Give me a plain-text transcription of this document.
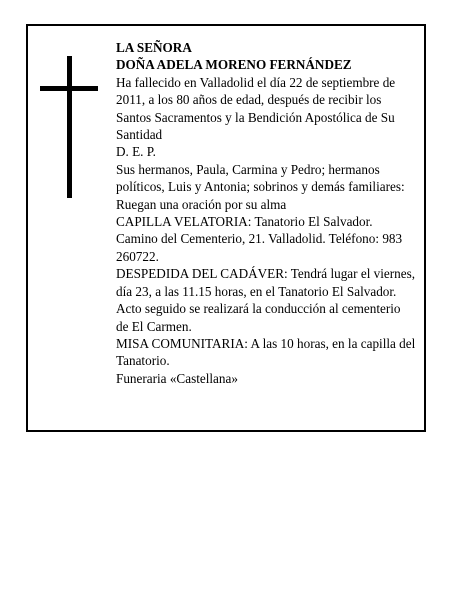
LA SEÑORA

DOÑA ADELA MORENO FERNÁNDEZ

Ha fallecido en Valladolid el día 22 de septiembre de 2011, a los 80 años de edad, después de recibir los Santos Sacramentos y la Bendición Apostólica de Su Santidad

D. E. P.

Sus hermanos, Paula, Carmina y Pedro; hermanos políticos, Luis y Antonia; sobrinos y demás familiares:

Ruegan una oración por su alma

CAPILLA VELATORIA: Tanatorio El Salvador. Camino del Cementerio, 21. Valladolid. Teléfono: 983 260722.

DESPEDIDA DEL CADÁVER: Tendrá lugar el viernes, día 23, a las 11.15 horas, en el Tanatorio El Salvador. Acto seguido se realizará la conducción al cementerio de El Carmen.

MISA COMUNITARIA: A las 10 horas, en la capilla del Tanatorio.

Funeraria «Castellana»
